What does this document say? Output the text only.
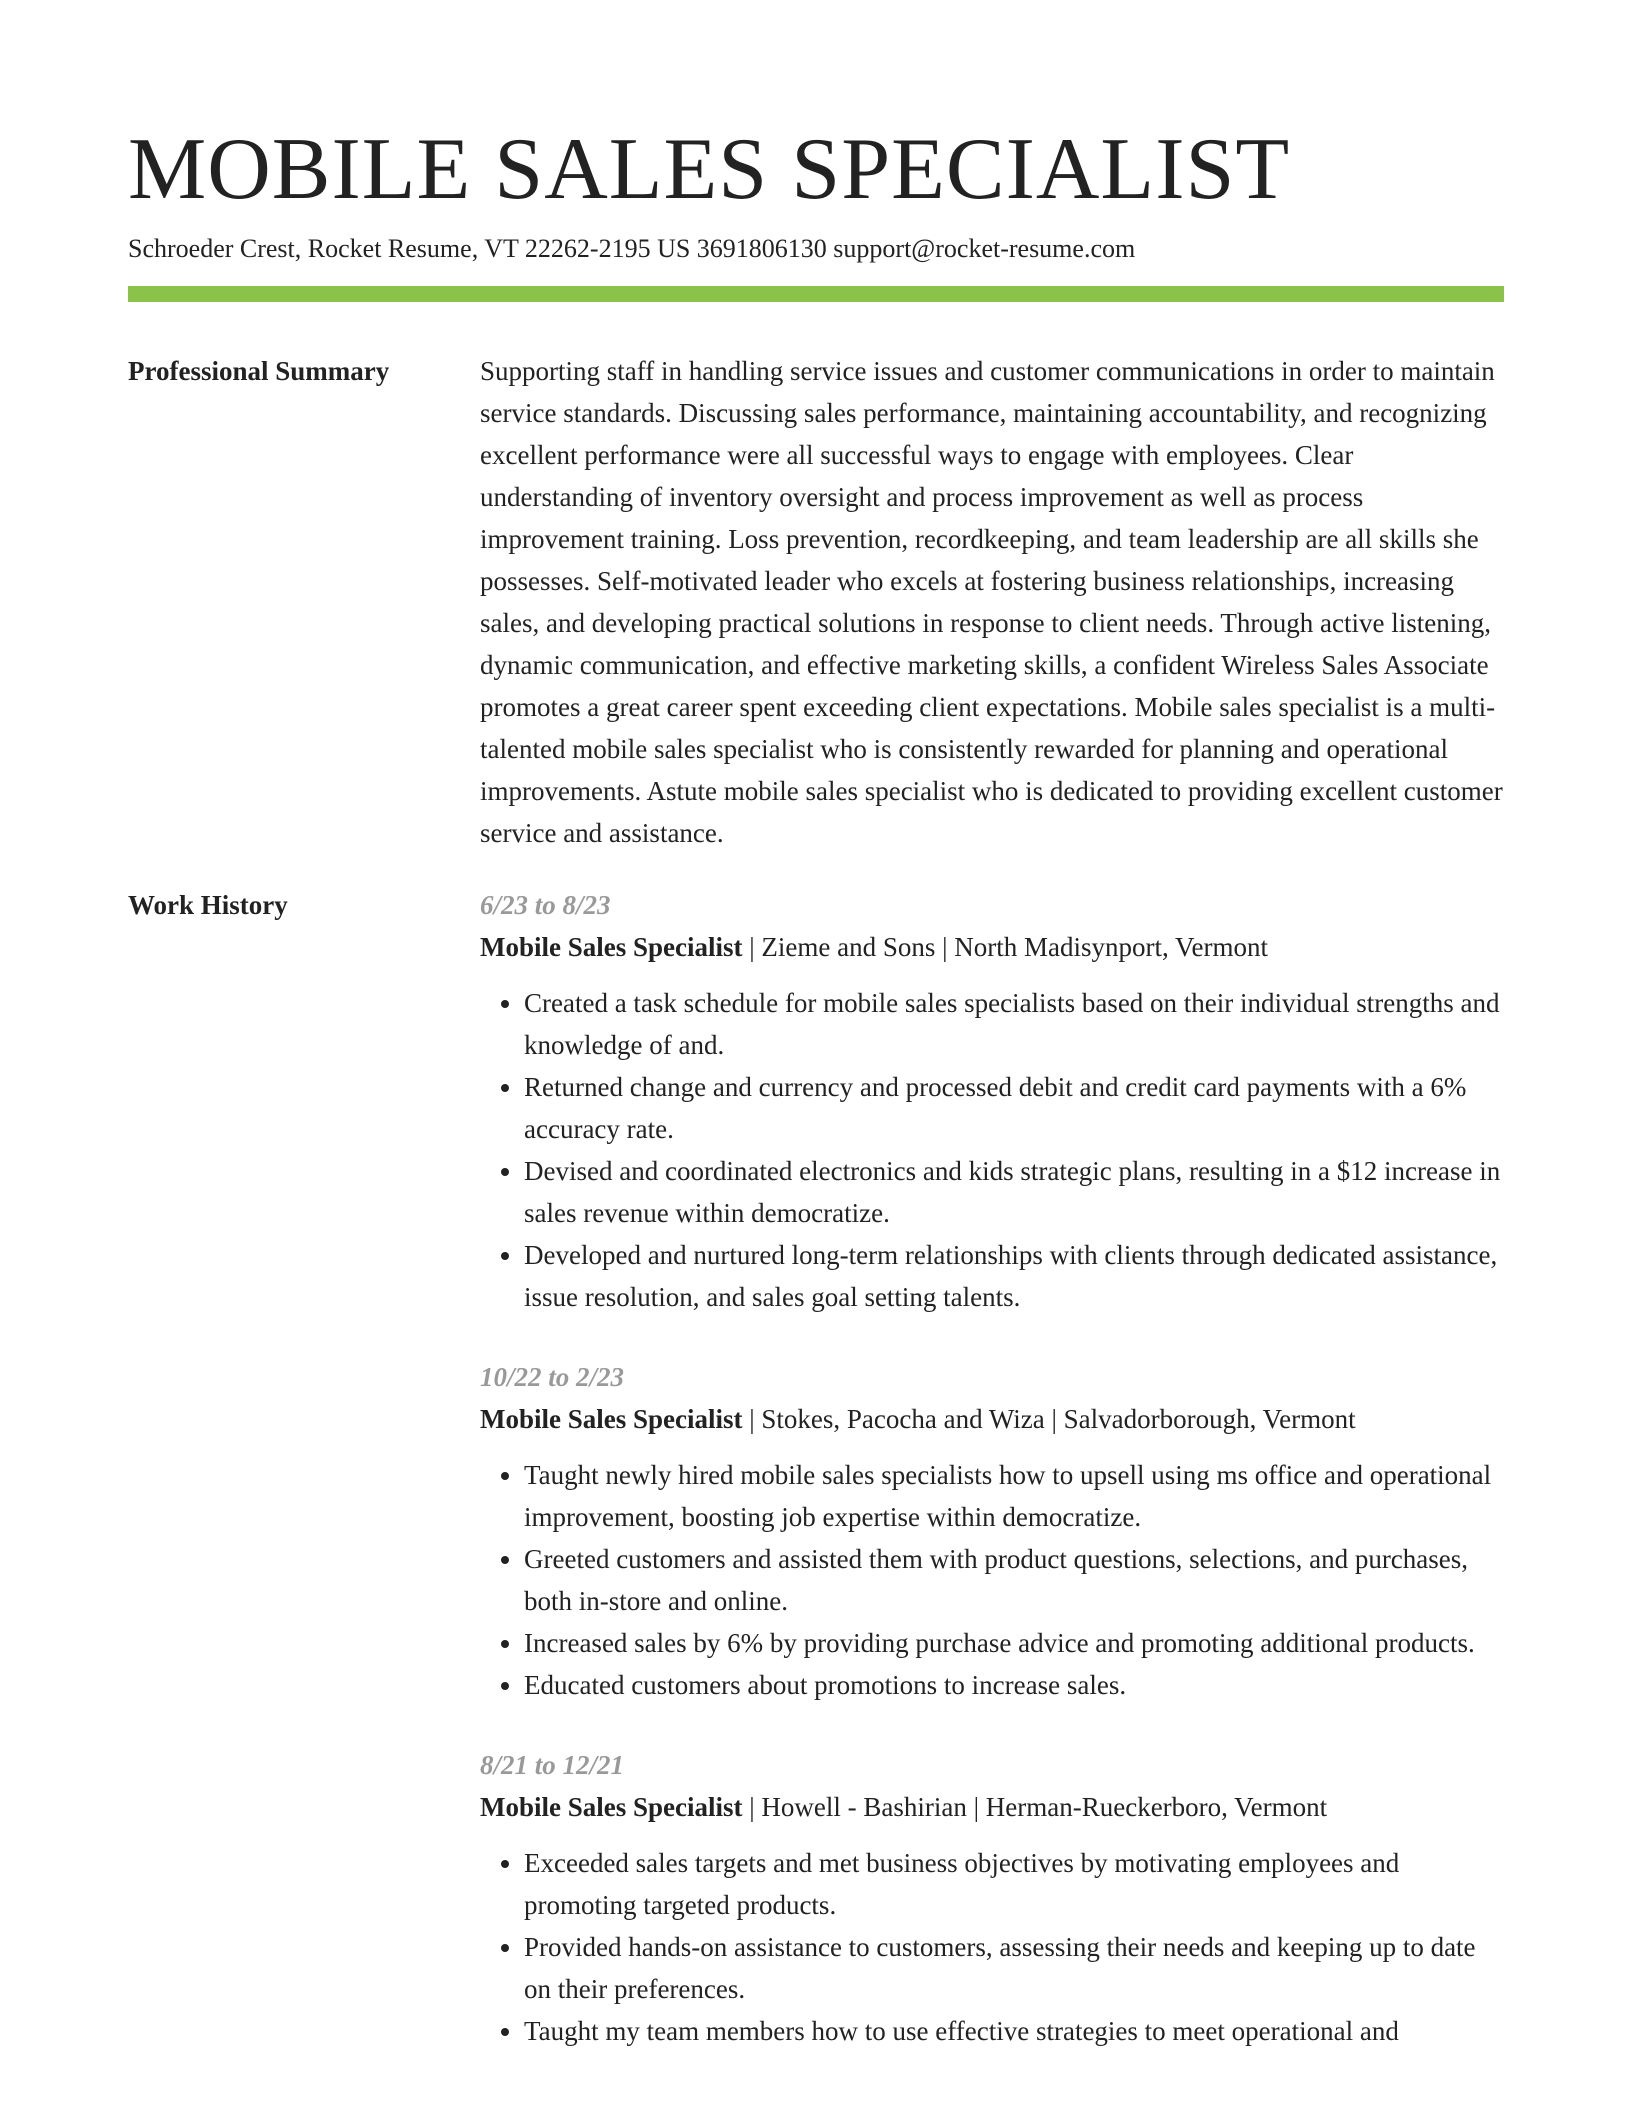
MOBILE SALES SPECIALIST
Schroeder Crest, Rocket Resume, VT 22262-2195 US 3691806130 support@rocket-resume.com
Professional Summary	Supporting staff in handling service issues and customer communications in order to maintain service standards. Discussing sales performance, maintaining accountability, and recognizing excellent performance were all successful ways to engage with employees. Clear understanding of inventory oversight and process improvement as well as process improvement training. Loss prevention, recordkeeping, and team leadership are all skills she possesses. Self-motivated leader who excels at fostering business relationships, increasing sales, and developing practical solutions in response to client needs. Through active listening, dynamic communication, and effective marketing skills, a confident Wireless Sales Associate promotes a great career spent exceeding client expectations. Mobile sales specialist is a multi-talented mobile sales specialist who is consistently rewarded for planning and operational improvements. Astute mobile sales specialist who is dedicated to providing excellent customer service and assistance.

Work History	6/23 to 8/23
Mobile Sales Specialist | Zieme and Sons | North Madisynport, Vermont
• Created a task schedule for mobile sales specialists based on their individual strengths and knowledge of and.
• Returned change and currency and processed debit and credit card payments with a 6% accuracy rate.
• Devised and coordinated electronics and kids strategic plans, resulting in a $12 increase in sales revenue within democratize.
• Developed and nurtured long-term relationships with clients through dedicated assistance, issue resolution, and sales goal setting talents.
10/22 to 2/23
Mobile Sales Specialist | Stokes, Pacocha and Wiza | Salvadorborough, Vermont
• Taught newly hired mobile sales specialists how to upsell using ms office and operational improvement, boosting job expertise within democratize.
• Greeted customers and assisted them with product questions, selections, and purchases, both in-store and online.
• Increased sales by 6% by providing purchase advice and promoting additional products.
• Educated customers about promotions to increase sales.
8/21 to 12/21
Mobile Sales Specialist | Howell - Bashirian | Herman-Rueckerboro, Vermont
• Exceeded sales targets and met business objectives by motivating employees and promoting targeted products.
• Provided hands-on assistance to customers, assessing their needs and keeping up to date on their preferences.
• Taught my team members how to use effective strategies to meet operational and
